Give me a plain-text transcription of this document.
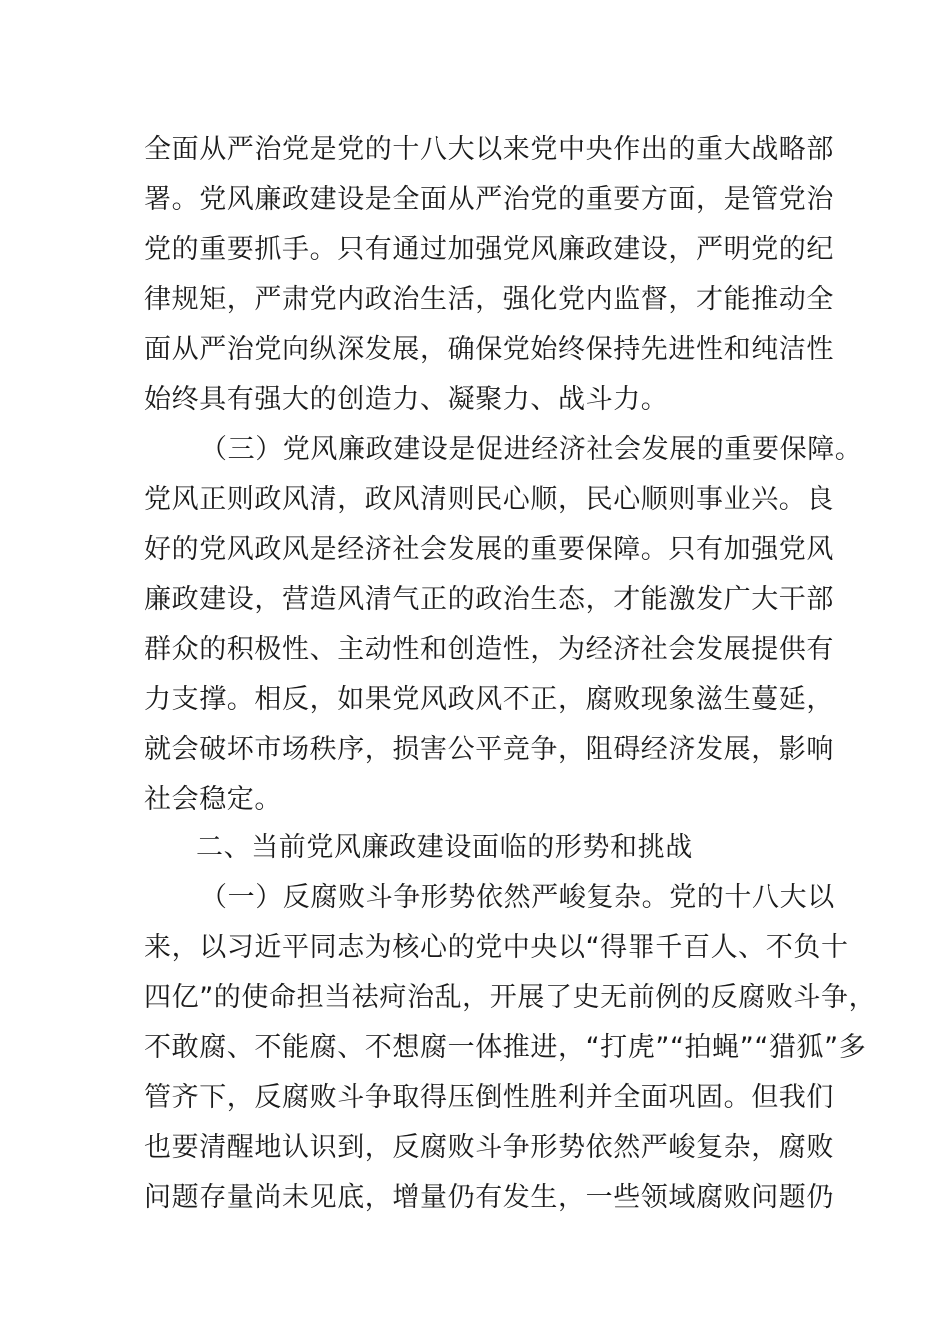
全面从严治党是党的十八大以来党中央作出的重大战略部
署。党风廉政建设是全面从严治党的重要方面，是管党治
党的重要抓手。只有通过加强党风廉政建设，严明党的纪
律规矩，严肃党内政治生活，强化党内监督，才能推动全
面从严治党向纵深发展，确保党始终保持先进性和纯洁性
始终具有强大的创造力、凝聚力、战斗力。
（三）党风廉政建设是促进经济社会发展的重要保障。
党风正则政风清，政风清则民心顺，民心顺则事业兴。良
好的党风政风是经济社会发展的重要保障。只有加强党风
廉政建设，营造风清气正的政治生态，才能激发广大干部
群众的积极性、主动性和创造性，为经济社会发展提供有
力支撑。相反，如果党风政风不正，腐败现象滋生蔓延，
就会破坏市场秩序，损害公平竞争，阻碍经济发展，影响
社会稳定。
二、当前党风廉政建设面临的形势和挑战
（一）反腐败斗争形势依然严峻复杂。党的十八大以
来，以习近平同志为核心的党中央以“得罪千百人、不负十
四亿”的使命担当祛疴治乱，开展了史无前例的反腐败斗争，
不敢腐、不能腐、不想腐一体推进，“打虎”“拍蝇”“猎狐”多
管齐下，反腐败斗争取得压倒性胜利并全面巩固。但我们
也要清醒地认识到，反腐败斗争形势依然严峻复杂，腐败
问题存量尚未见底，增量仍有发生，一些领域腐败问题仍
